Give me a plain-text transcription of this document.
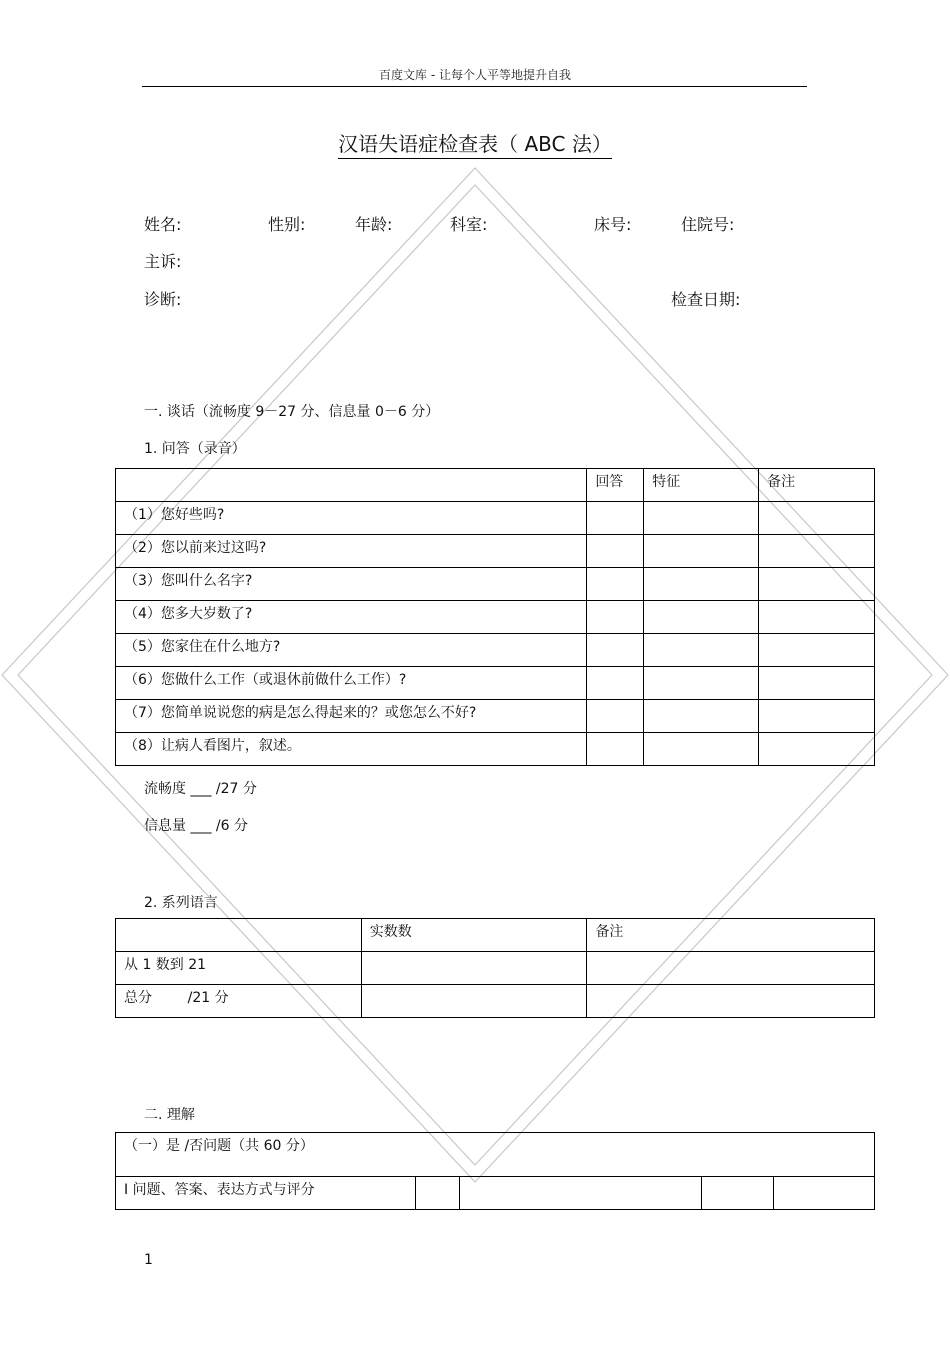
百度文库 - 让每个人平等地提升自我
汉语失语症检查表（ ABC 法）
姓名:	性别:	年龄:	科室:	床号:	住院号:
主诉:
诊断:	检查日期:
一. 谈话（流畅度 9－27 分、信息量 0－6 分）
1. 问答（录音）

	回答	特征	备注

（1）您好些吗?			

（2）您以前来过这吗?			

（3）您叫什么名字?			

（4）您多大岁数了?			

（5）您家住在什么地方?			

（6）您做什么工作（或退休前做什么工作）?			

（7）您简单说说您的病是怎么得起来的？或您怎么不好?			

（8）让病人看图片，叙述。			

流畅度 ___ /27 分
信息量 ___ /6 分
2. 系列语言

	实数数	备注

从 1 数到 21		

总分        /21 分		

二. 理解
（一）是 /否问题（共 60 分）

Ⅰ 问题、答案、表达方式与评分

1
